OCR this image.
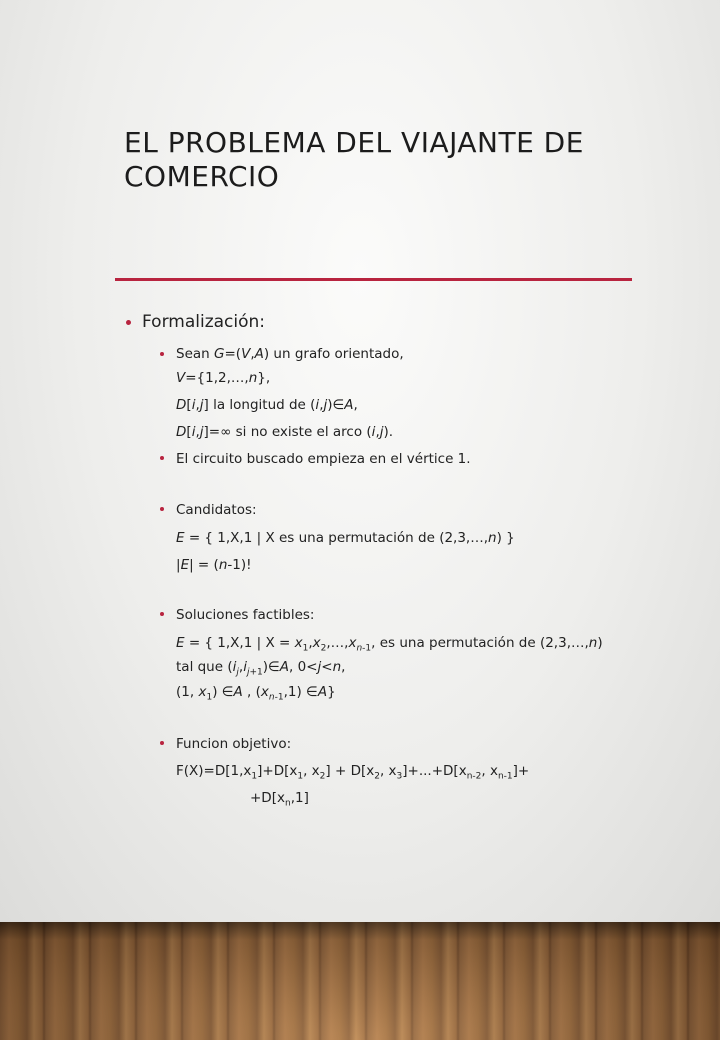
EL PROBLEMA DEL VIAJANTE DE COMERCIO
Formalización:
Sean G=(V,A) un grafo orientado,
V={1,2,…,n},
D[i,j] la longitud de (i,j)∈A,
D[i,j]=∞ si no existe el arco (i,j).
El circuito buscado empieza en el vértice 1.
Candidatos:
E = { 1,X,1 | X es una permutación de (2,3,…,n) }
|E| = (n-1)!
Soluciones factibles:
E = { 1,X,1 | $X = x_1,x_2,\dots,x_{n-1}$, es una permutación de (2,3,…,n) tal que $(i_j,i_{j+1})\in A$, 0<j<n,
(1, $x_1$) ∈A , $(x_{n-1},1)$ ∈A}
Funcion objetivo:
$F(X)=D[1,x_1]+D[x_1$, $x_2] + D[x_2$, $x_3]+...+D[x_{n-2}$, $x_{n-1}]+$
$+D[x_n,1]$
